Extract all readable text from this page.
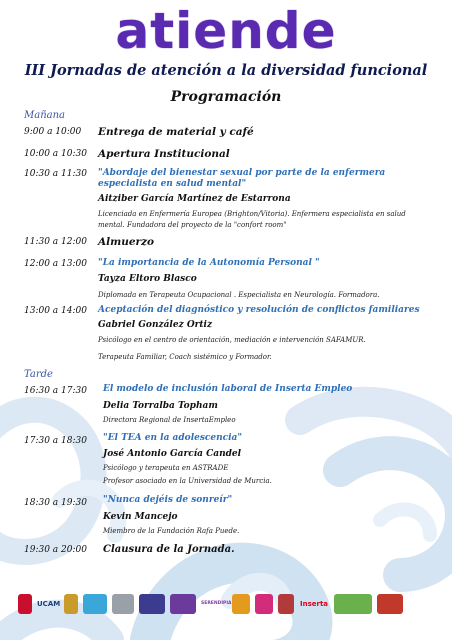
atiende
III Jornadas de atención a la diversidad funcional
Programación
Mañana
9:00 a 10:00 Entrega de material y café
10:00 a 10:30 Apertura Institucional
10:30 a 11:30 "Abordaje del bienestar sexual por parte de la enfermera especialista en salud mental"
Aitziber García Martínez de Estarrona
Licenciada en Enfermería Europea (Brighton/Vitoria). Enfermera especialista en salud
mental. Fundadora del proyecto de la "confort room"
11:30 a 12:00 Almuerzo
12:00 a 13:00 "La importancia de la Autonomía Personal "
Tayza Eltoro Blasco
Diplomada en Terapeuta Ocupacional . Especialista en Neurología. Formadora.
13:00 a 14:00 Aceptación del diagnóstico y resolución de conflictos familiares
Gabriel González Ortiz
Psicólogo en el centro de orientación, mediación e intervención SAFAMUR.
Terapeuta Familiar, Coach sistémico y Formador.
Tarde
16:30 a 17:30 El modelo de inclusión laboral de Inserta Empleo
Delia Torralba Topham
Directora Regional de InsertaEmpleo
17:30 a 18:30 "El TEA en la adolescencia"
José Antonio García Candel
Psicólogo y terapeuta en ASTRADE
Profesor asociado en la Universidad de Murcia.
18:30 a 19:30 "Nunca dejéis de sonreír"
Kevin Mancejo
Miembro de la Fundación Rafa Puede.
19:30 a 20:00 Clausura de la Jornada.
UCAM	SERENDIPIA	Inserta
